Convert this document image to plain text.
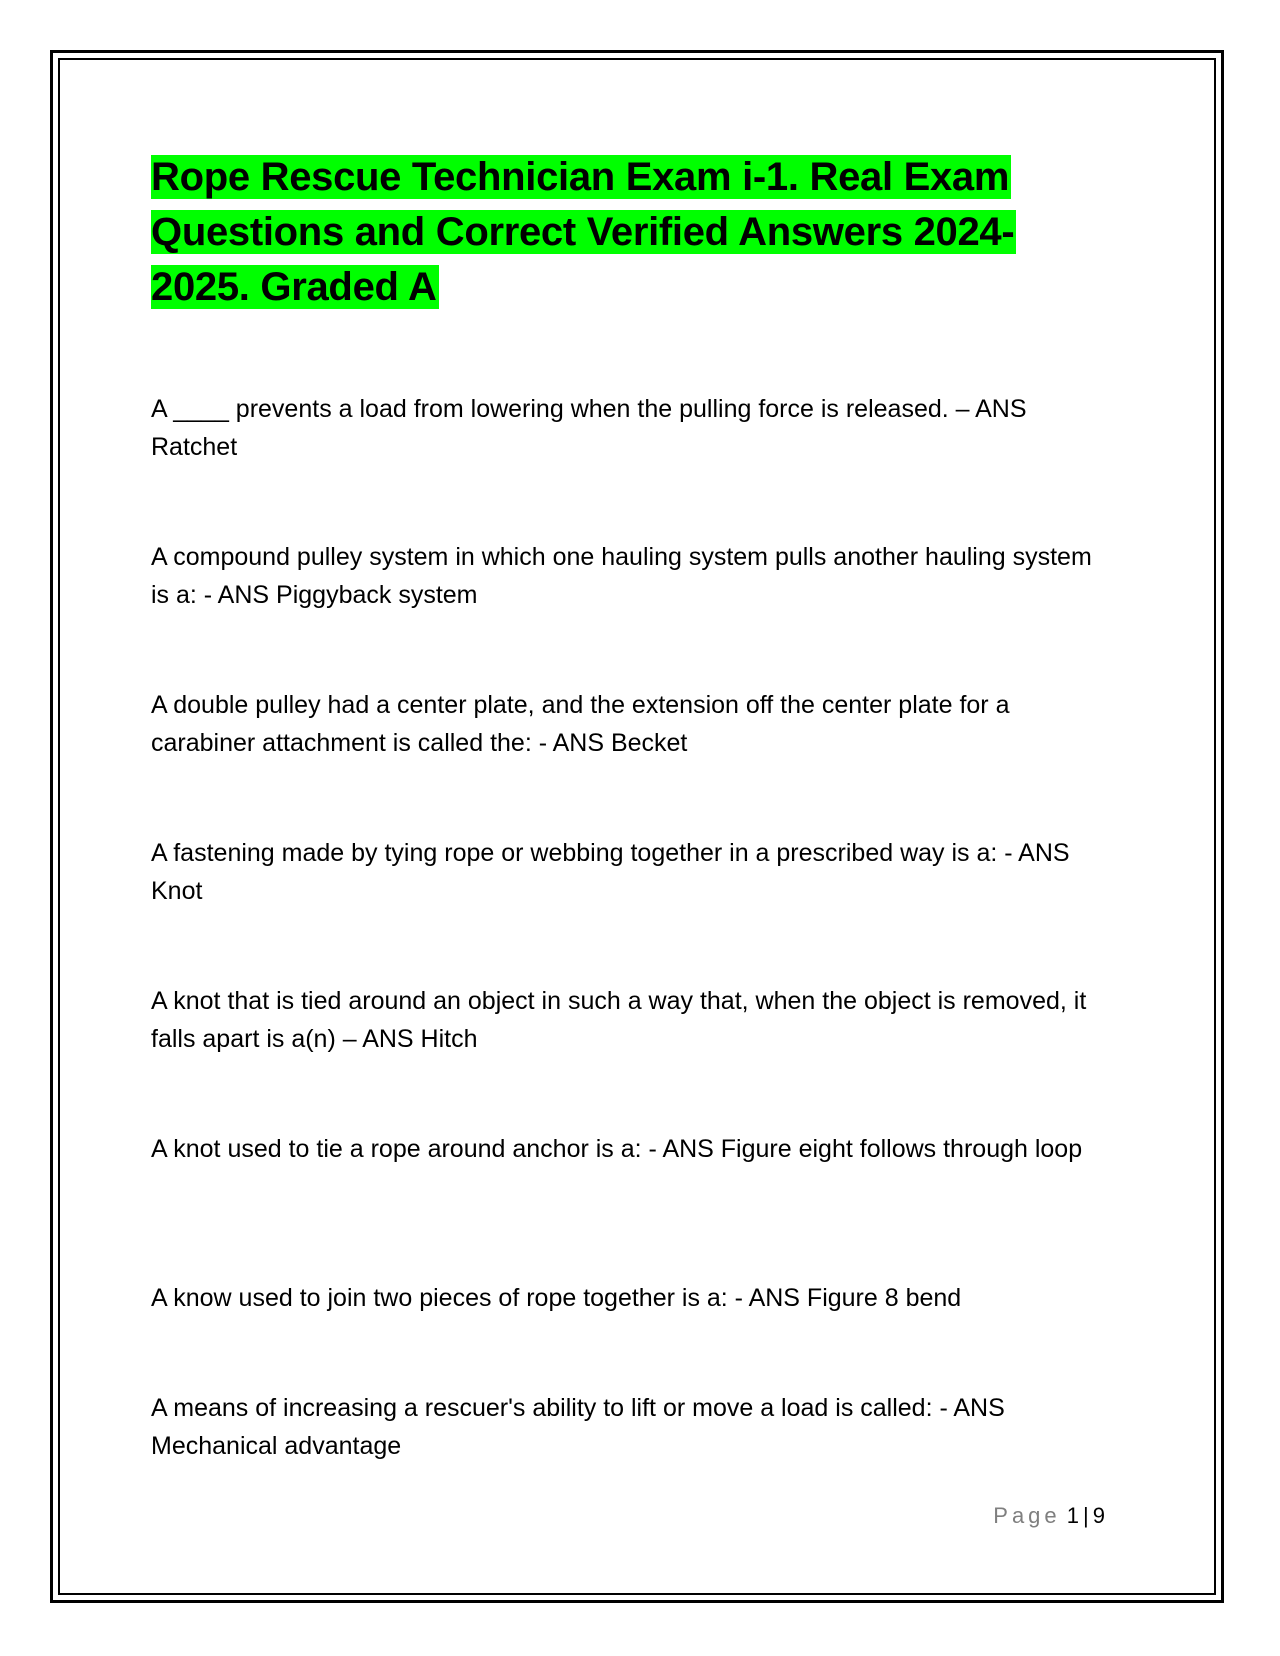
Rope Rescue Technician Exam i-1. Real Exam Questions and Correct Verified Answers 2024-2025. Graded A

A ____ prevents a load from lowering when the pulling force is released. – ANS Ratchet

A compound pulley system in which one hauling system pulls another hauling system is a: - ANS Piggyback system

A double pulley had a center plate, and the extension off the center plate for a carabiner attachment is called the: - ANS Becket

A fastening made by tying rope or webbing together in a prescribed way is a: - ANS Knot

A knot that is tied around an object in such a way that, when the object is removed, it falls apart is a(n) – ANS Hitch

A knot used to tie a rope around anchor is a: - ANS Figure eight follows through loop

A know used to join two pieces of rope together is a: - ANS Figure 8 bend

A means of increasing a rescuer's ability to lift or move a load is called: - ANS Mechanical advantage

Page 1 | 9
